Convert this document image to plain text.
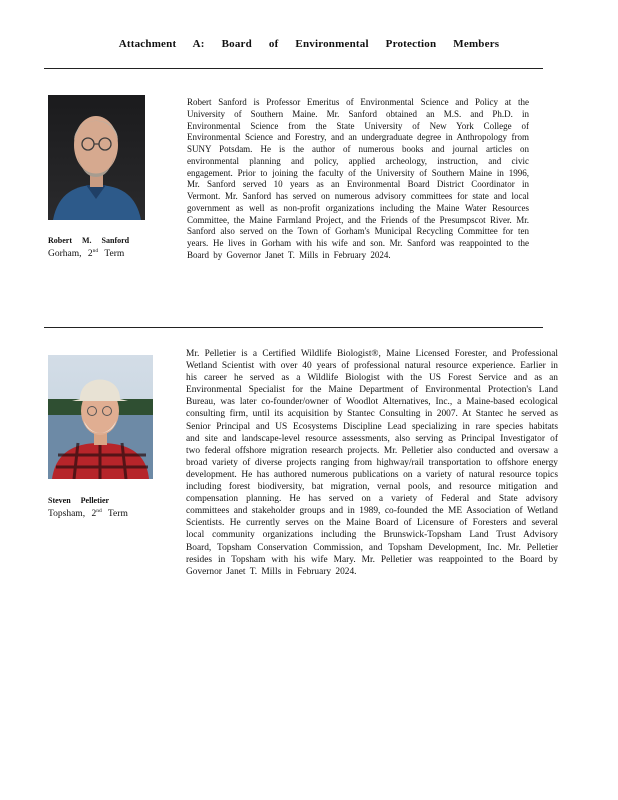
Attachment A: Board of Environmental Protection Members
Robert M. Sanford
Gorham, 2nd Term
Robert Sanford is Professor Emeritus of Environmental Science and Policy at the University of Southern Maine. Mr. Sanford obtained an M.S. and Ph.D. in Environmental Science from the State University of New York College of Environmental Science and Forestry, and an undergraduate degree in Anthropology from SUNY Potsdam. He is the author of numerous books and journal articles on environmental planning and policy, applied archeology, instruction, and civic engagement. Prior to joining the faculty of the University of Southern Maine in 1996, Mr. Sanford served 10 years as an Environmental Board District Coordinator in Vermont. Mr. Sanford has served on numerous advisory committees for state and local government as well as non-profit organizations including the Maine Water Resources Committee, the Maine Farmland Project, and the Friends of the Presumpscot River. Mr. Sanford also served on the Town of Gorham's Municipal Recycling Committee for ten years. He lives in Gorham with his wife and son. Mr. Sanford was reappointed to the Board by Governor Janet T. Mills in February 2024.
Steven Pelletier
Topsham, 2nd Term
Mr. Pelletier is a Certified Wildlife Biologist®, Maine Licensed Forester, and Professional Wetland Scientist with over 40 years of professional natural resource experience. Earlier in his career he served as a Wildlife Biologist with the US Forest Service and as an Environmental Specialist for the Maine Department of Environmental Protection's Land Bureau, was later co-founder/owner of Woodlot Alternatives, Inc., a Maine-based ecological consulting firm, until its acquisition by Stantec Consulting in 2007. At Stantec he served as Senior Principal and US Ecosystems Discipline Lead specializing in rare species habitats and site and landscape-level resource assessments, also serving as Principal Investigator of two federal offshore migration research projects. Mr. Pelletier also conducted and oversaw a broad variety of diverse projects ranging from highway/rail transportation to offshore energy development. He has authored numerous publications on a variety of natural resource topics including forest biodiversity, bat migration, vernal pools, and resource mitigation and compensation planning. He has served on a variety of Federal and State advisory committees and stakeholder groups and in 1989, co-founded the ME Association of Wetland Scientists. He currently serves on the Maine Board of Licensure of Foresters and several local community organizations including the Brunswick-Topsham Land Trust Advisory Board, Topsham Conservation Commission, and Topsham Development, Inc. Mr. Pelletier resides in Topsham with his wife Mary. Mr. Pelletier was reappointed to the Board by Governor Janet T. Mills in February 2024.
